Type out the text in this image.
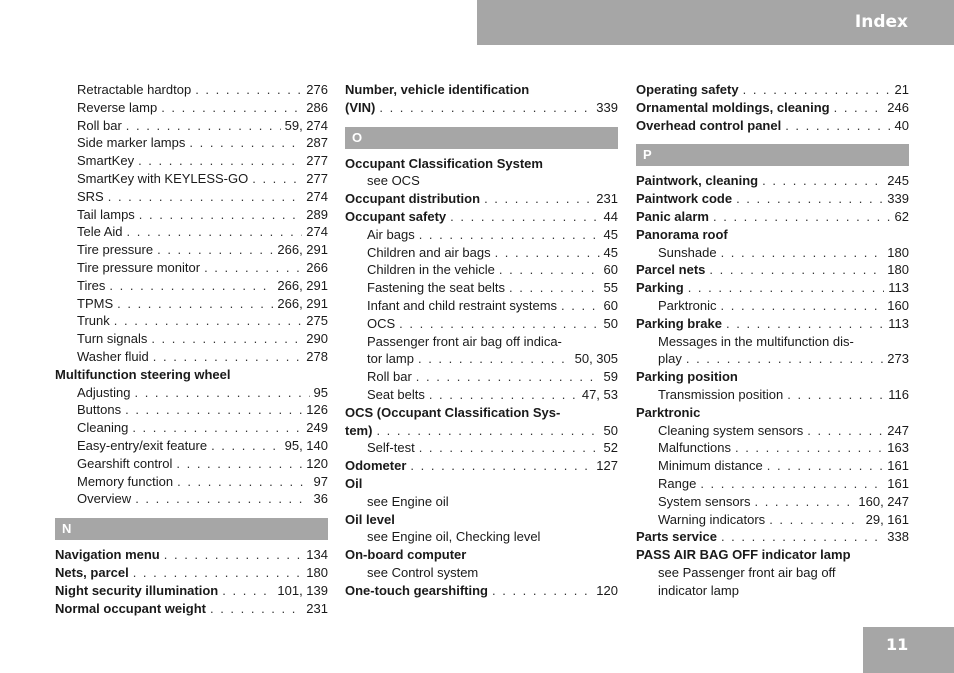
Index
Retractable hardtop . . .	276
Reverse lamp . . .	286
Roll bar . . .	59, 274
Side marker lamps . . .	287
SmartKey . . .	277
SmartKey with KEYLESS-GO . . .	277
SRS . . .	274
Tail lamps . . .	289
Tele Aid . . .	274
Tire pressure . . .	266, 291
Tire pressure monitor . . .	266
Tires . . .	266, 291
TPMS . . .	266, 291
Trunk . . .	275
Turn signals . . .	290
Washer fluid . . .	278
Multifunction steering wheel
Adjusting . . .	95
Buttons . . .	126
Cleaning . . .	249
Easy-entry/exit feature . . .	95, 140
Gearshift control . . .	120
Memory function . . .	97
Overview . . .	36
N
Navigation menu . . .	134
Nets, parcel . . .	180
Night security illumination . . .	101, 139
Normal occupant weight . . .	231
Number, vehicle identification
(VIN) . . .	339
O
Occupant Classification System
see OCS
Occupant distribution . . .	231
Occupant safety . . .	44
Air bags . . .	45
Children and air bags . . .	45
Children in the vehicle . . .	60
Fastening the seat belts . . .	55
Infant and child restraint systems . . .	60
OCS . . .	50
Passenger front air bag off indica-
tor lamp . . .	50, 305
Roll bar . . .	59
Seat belts . . .	47, 53
OCS (Occupant Classification Sys-
tem) . . .	50
Self-test . . .	52
Odometer . . .	127
Oil
see Engine oil
Oil level
see Engine oil, Checking level
On-board computer
see Control system
One-touch gearshifting . . .	120
Operating safety . . .	21
Ornamental moldings, cleaning . . .	246
Overhead control panel . . .	40
P
Paintwork, cleaning . . .	245
Paintwork code . . .	339
Panic alarm . . .	62
Panorama roof
Sunshade . . .	180
Parcel nets . . .	180
Parking . . .	113
Parktronic . . .	160
Parking brake . . .	113
Messages in the multifunction dis-
play . . .	273
Parking position
Transmission position . . .	116
Parktronic
Cleaning system sensors . . .	247
Malfunctions . . .	163
Minimum distance . . .	161
Range . . .	161
System sensors . . .	160, 247
Warning indicators . . .	29, 161
Parts service . . .	338
PASS AIR BAG OFF indicator lamp
see Passenger front air bag off
indicator lamp
11
